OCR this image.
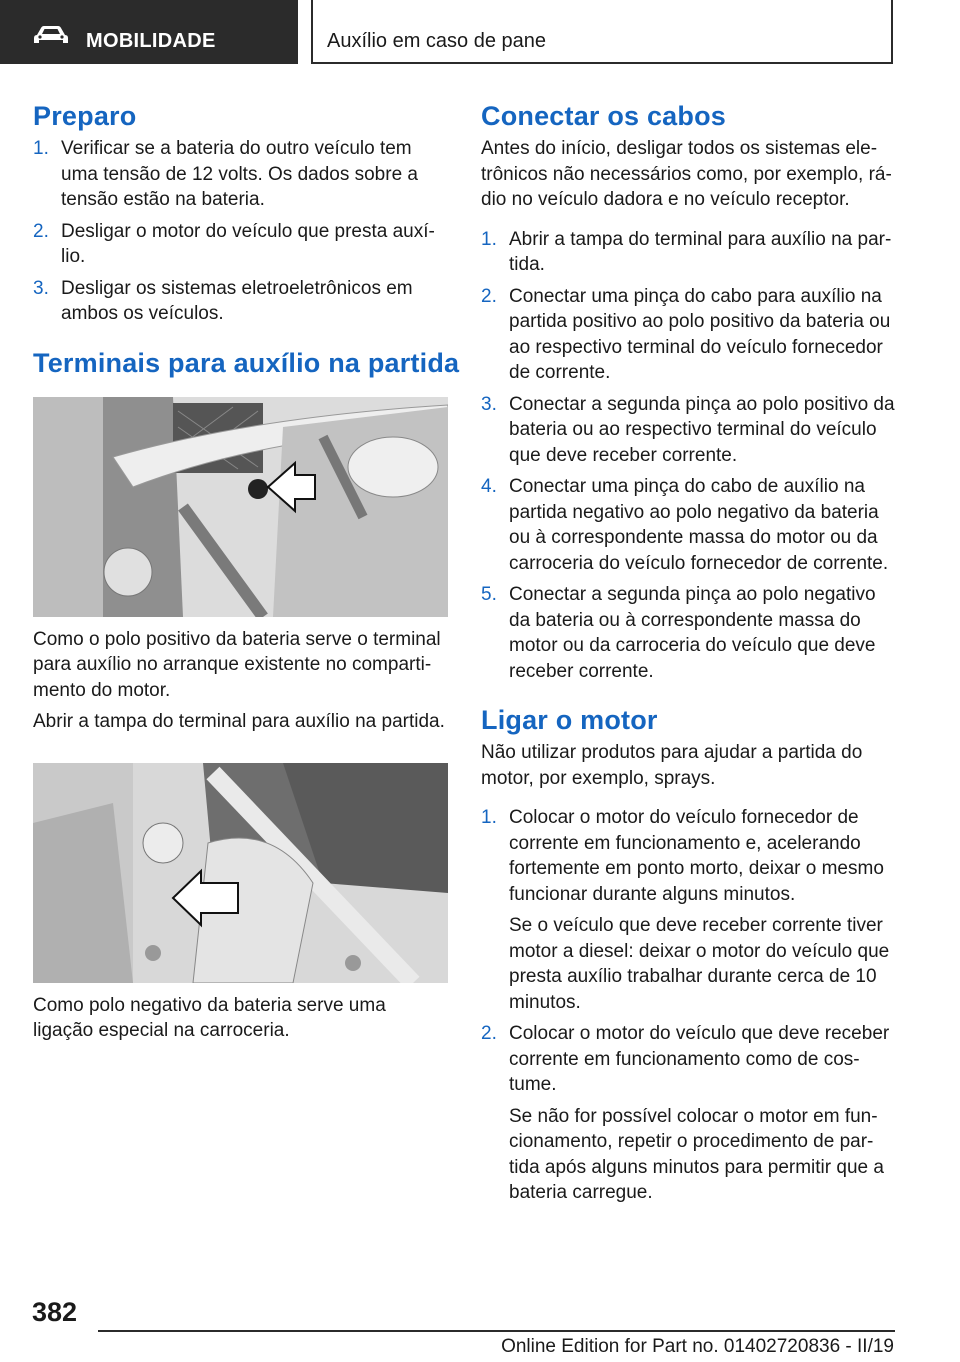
MOBILIDADE	Auxílio em caso de pane
Preparo
1. Verificar se a bateria do outro veículo tem uma tensão de 12 volts. Os dados sobre a tensão estão na bateria.
2. Desligar o motor do veículo que presta auxílio.
3. Desligar os sistemas eletroeletrônicos em ambos os veículos.
Terminais para auxílio na partida

Como o polo positivo da bateria serve o terminal para auxílio no arranque existente no compartimento do motor.

Abrir a tampa do terminal para auxílio na partida.

Como polo negativo da bateria serve uma ligação especial na carroceria.

Conectar os cabos

Antes do início, desligar todos os sistemas eletrônicos não necessários como, por exemplo, rádio no veículo dadora e no veículo receptor.

1. Abrir a tampa do terminal para auxílio na partida.
2. Conectar uma pinça do cabo para auxílio na partida positivo ao polo positivo da bateria ou ao respectivo terminal do veículo fornecedor de corrente.
3. Conectar a segunda pinça ao polo positivo da bateria ou ao respectivo terminal do veículo que deve receber corrente.
4. Conectar uma pinça do cabo de auxílio na partida negativo ao polo negativo da bateria ou à correspondente massa do motor ou da carroceria do veículo fornecedor de corrente.
5. Conectar a segunda pinça ao polo negativo da bateria ou à correspondente massa do motor ou da carroceria do veículo que deve receber corrente.
Ligar o motor

Não utilizar produtos para ajudar a partida do motor, por exemplo, sprays.

1. Colocar o motor do veículo fornecedor de corrente em funcionamento e, acelerando fortemente em ponto morto, deixar o mesmo funcionar durante alguns minutos.
Se o veículo que deve receber corrente tiver motor a diesel: deixar o motor do veículo que presta auxílio trabalhar durante cerca de 10 minutos.
2. Colocar o motor do veículo que deve receber corrente em funcionamento como de costume.
Se não for possível colocar o motor em funcionamento, repetir o procedimento de partida após alguns minutos para permitir que a bateria carregue.
382
Online Edition for Part no. 01402720836 - II/19
